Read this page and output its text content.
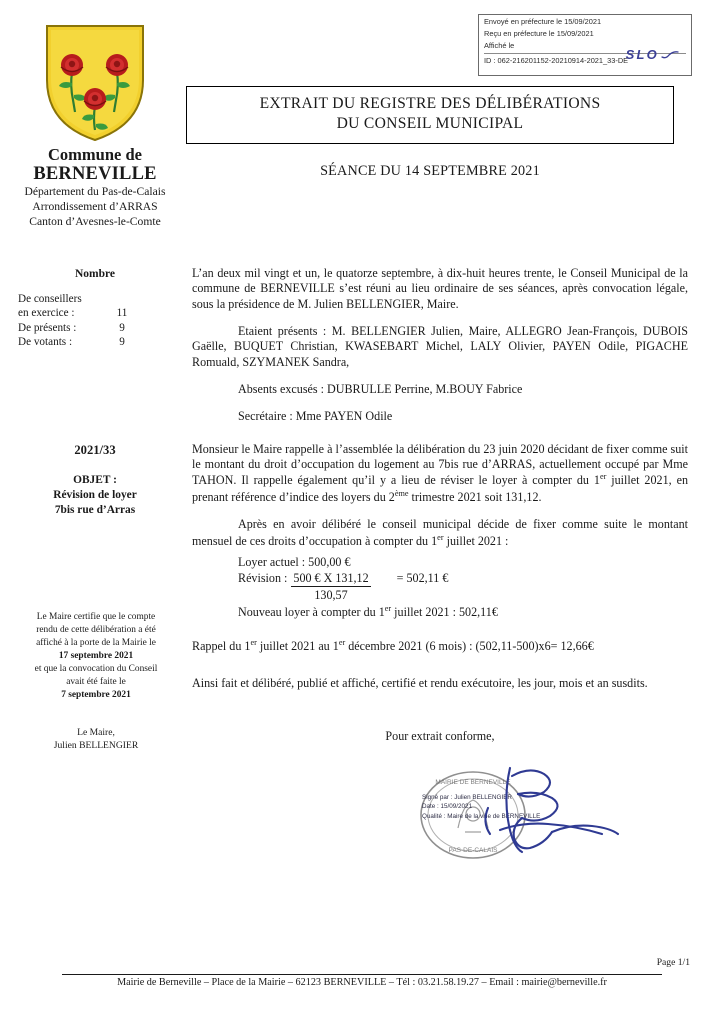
Envoyé en préfecture le 15/09/2021
Reçu en préfecture le 15/09/2021
Affiché le
ID : 062-216201152-20210914-2021_33-DE
SLO
Commune de
BERNEVILLE
Département du Pas-de-Calais
Arrondissement d’ARRAS
Canton d’Avesnes-le-Comte
Nombre
De conseillers
en exercice :	11
De présents :	9
De votants :	9
2021/33
OBJET :
Révision de loyer
7bis rue d’Arras
Le Maire certifie que le compte
rendu de cette délibération a été
affiché à la porte de la Mairie le
17 septembre 2021
et que la convocation du Conseil
avait été faite le
7 septembre 2021
Le Maire,
Julien BELLENGIER
EXTRAIT DU REGISTRE DES DÉLIBÉRATIONS
DU CONSEIL MUNICIPAL
SÉANCE DU 14 SEPTEMBRE 2021

L’an deux mil vingt et un, le quatorze septembre, à dix-huit heures trente, le Conseil Municipal de la commune de BERNEVILLE s’est réuni au lieu ordinaire de ses séances, après convocation légale, sous la présidence de M. Julien BELLENGIER, Maire.

Etaient présents : M. BELLENGIER Julien, Maire, ALLEGRO Jean-François, DUBOIS Gaëlle, BUQUET Christian, KWASEBART Michel, LALY Olivier, PAYEN Odile, PIGACHE Romuald, SZYMANEK Sandra,

Absents excusés : DUBRULLE Perrine, M.BOUY Fabrice

Secrétaire : Mme PAYEN Odile

Monsieur le Maire rappelle à l’assemblée la délibération du 23 juin 2020 décidant de fixer comme suit le montant du droit d’occupation du logement au 7bis rue d’ARRAS, actuellement occupé par Mme TAHON. Il rappelle également qu’il y a lieu de réviser le loyer à compter du 1er juillet 2021, en prenant référence d’indice des loyers du 2ème trimestre 2021 soit 131,12.

Après en avoir délibéré le conseil municipal décide de fixer comme suite le montant mensuel de ces droits d’occupation à compter du 1er juillet 2021 :

Loyer actuel : 500,00 €
Révision : $\frac{500 € X 131,12}{130,57} = 502,11$ €
Nouveau loyer à compter du 1er juillet 2021 : 502,11€

Rappel du 1er juillet 2021 au 1er décembre 2021 (6 mois) : (502,11-500)x6= 12,66€

Ainsi fait et délibéré, publié et affiché, certifié et rendu exécutoire, les jour, mois et an susdits.

Pour extrait conforme,
MAIRIE DE BERNEVILLE
PAS-DE-CALAIS
Signé par : Julien BELLENGIER
Date : 15/09/2021
Qualité : Maire de la ville de BERNEVILLE
Page 1/1
Mairie de Berneville – Place de la Mairie – 62123 BERNEVILLE – Tél : 03.21.58.19.27 – Email : mairie@berneville.fr
